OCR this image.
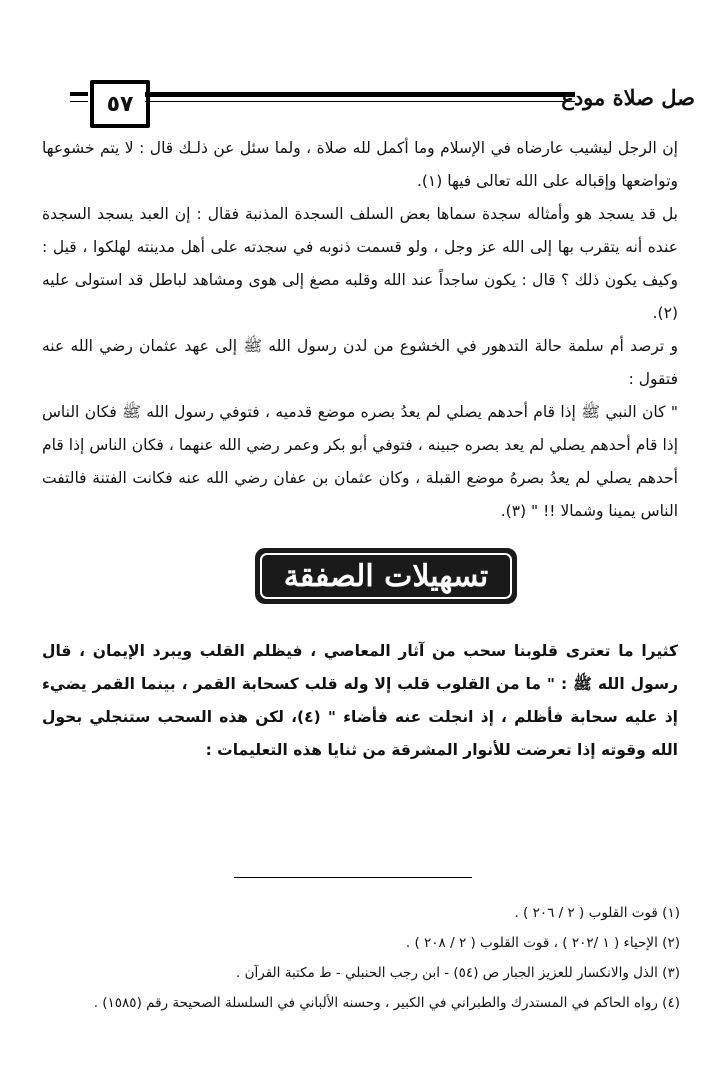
٥٧	صل صلاة مودع

إن الرجل ليشيب عارضاه في الإسلام وما أكمل لله صلاة ، ولما سئل عن ذلـك قال : لا يتم خشوعها وتواضعها وإقباله على الله تعالى فيها (١).

بل قد يسجد هو وأمثاله سجدة سماها بعض السلف السجدة المذنبة فقال : إن العبد يسجد السجدة عنده أنه يتقرب بها إلى الله عز وجل ، ولو قسمت ذنوبه في سجدته على أهل مدينته لهلكوا ، قيل : وكيف يكون ذلك ؟ قال : يكون ساجداً عند الله وقلبه مصغ إلى هوى ومشاهد لباطل قد استولى عليه (٢).

و ترصد أم سلمة حالة التدهور في الخشوع من لدن رسول الله ﷺ إلى عهد عثمان رضي الله عنه فتقول :

" كان النبي ﷺ إذا قام أحدهم يصلي لم يعدُ بصره موضع قدميه ، فتوفي رسول الله ﷺ فكان الناس إذا قام أحدهم يصلي لم يعد بصره جبينه ، فتوفي أبو بكر وعمر رضي الله عنهما ، فكان الناس إذا قام أحدهم يصلي لم يعدُ بصرهُ موضع القبلة ، وكان عثمان بن عفان رضي الله عنه فكانت الفتنة فالتفت الناس يمينا وشمالا !! " (٣).

تسهيلات الصفقة

كثيرا ما تعترى قلوبنا سحب من آثار المعاصي ، فيظلم القلب ويبرد الإيمان ، قال رسول الله ﷺ : " ما من القلوب قلب إلا وله قلب كسحابة القمر ، بينما القمر يضيء إذ عليه سحابة فأظلم ، إذ انجلت عنه فأضاء " (٤)، لكن هذه السحب ستنجلي بحول الله وقوته إذا تعرضت للأنوار المشرقة من ثنايا هذه التعليمات :

(١) قوت القلوب ( ٢ / ٢٠٦ ) .

(٢) الإحياء ( ١ /٢٠٢ ) ، قوت القلوب ( ٢ / ٢٠٨ ) .

(٣) الذل والانكسار للعزيز الجبار ص (٥٤) - ابن رجب الحنبلي - ط مكتبة القرآن .

(٤) رواه الحاكم في المستدرك والطبراني في الكبير ، وحسنه الألباني في السلسلة الصحيحة رقم (١٥٨٥) .
